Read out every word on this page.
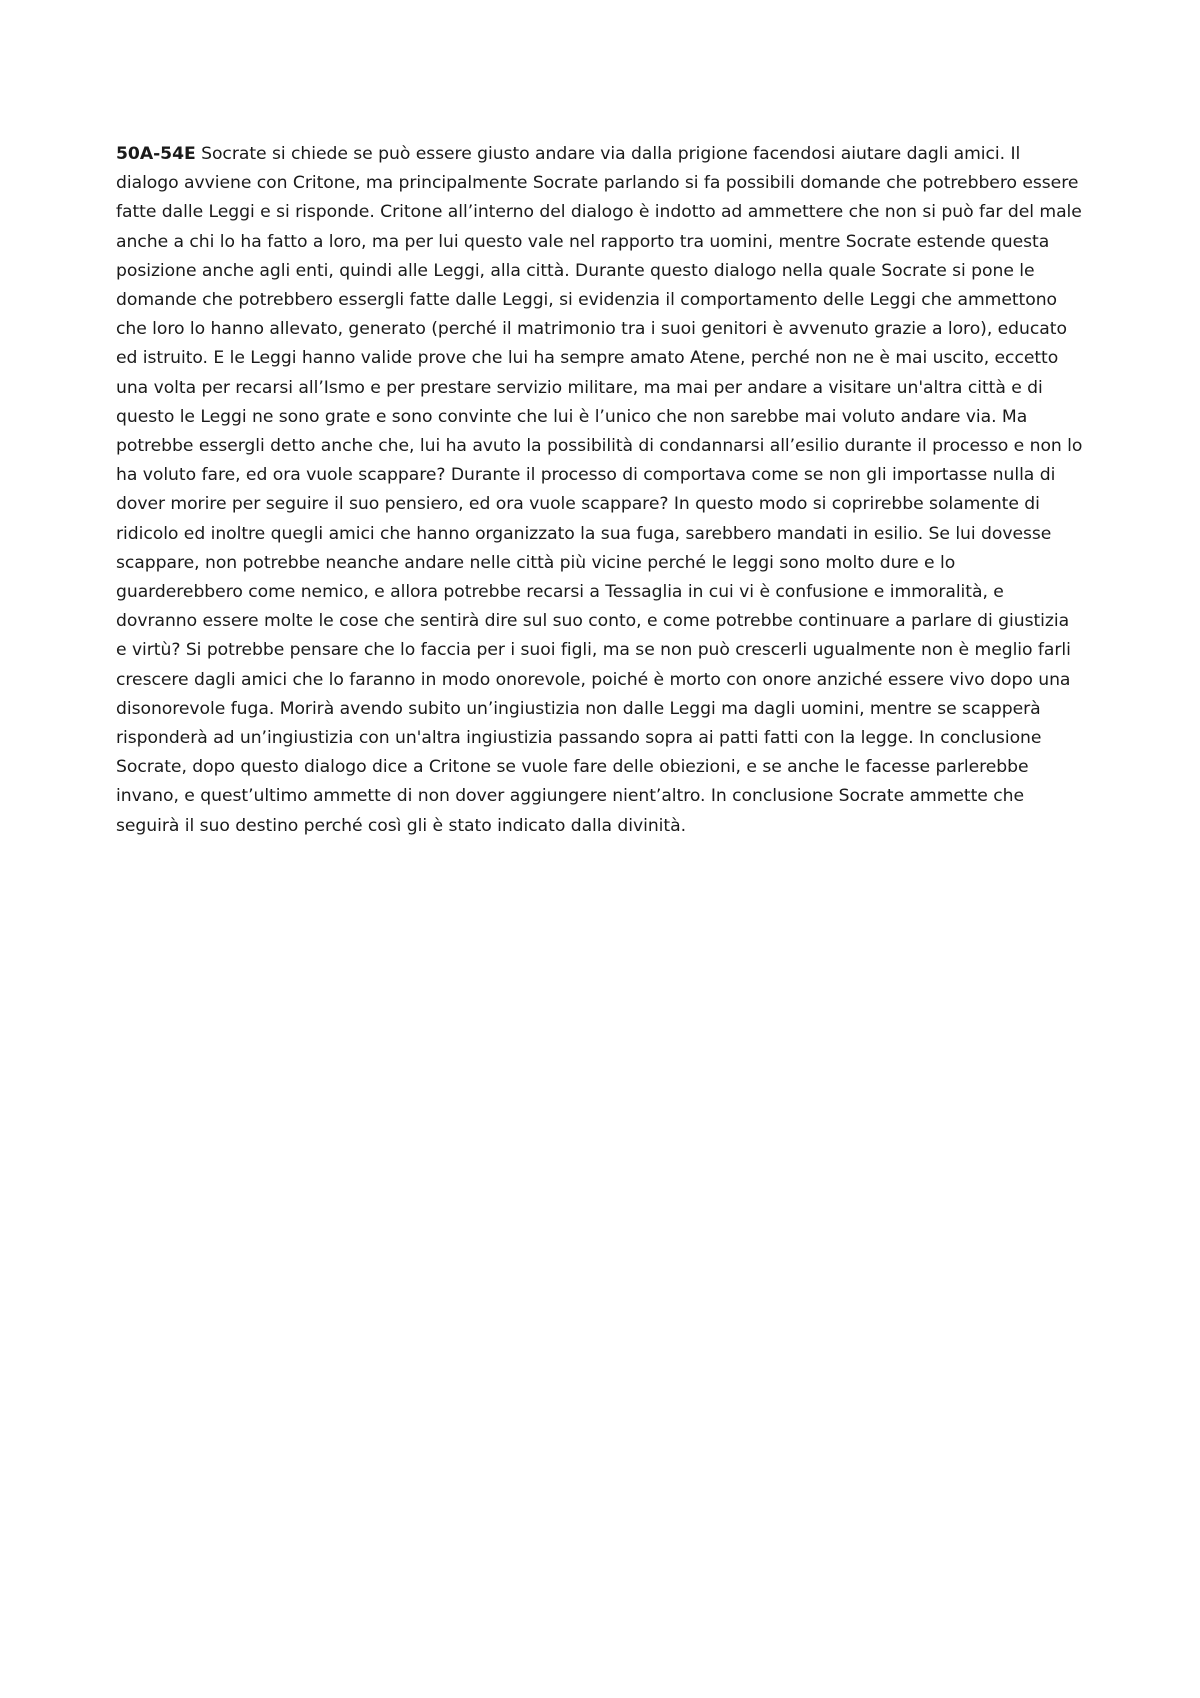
50A-54E Socrate si chiede se può essere giusto andare via dalla prigione facendosi aiutare dagli amici. Il dialogo avviene con Critone, ma principalmente Socrate parlando si fa possibili domande che potrebbero essere fatte dalle Leggi e si risponde. Critone all’interno del dialogo è indotto ad ammettere che non si può far del male anche a chi lo ha fatto a loro, ma per lui questo vale nel rapporto tra uomini, mentre Socrate estende questa posizione anche agli enti, quindi alle Leggi, alla città. Durante questo dialogo nella quale Socrate si pone le domande che potrebbero essergli fatte dalle Leggi, si evidenzia il comportamento delle Leggi che ammettono che loro lo hanno allevato, generato (perché il matrimonio tra i suoi genitori è avvenuto grazie a loro), educato ed istruito. E le Leggi hanno valide prove che lui ha sempre amato Atene, perché non ne è mai uscito, eccetto una volta per recarsi all’Ismo e per prestare servizio militare, ma mai per andare a visitare un'altra città e di questo le Leggi ne sono grate e sono convinte che lui è l’unico che non sarebbe mai voluto andare via. Ma potrebbe essergli detto anche che, lui ha avuto la possibilità di condannarsi all’esilio durante il processo e non lo ha voluto fare, ed ora vuole scappare? Durante il processo di comportava come se non gli importasse nulla di dover morire per seguire il suo pensiero, ed ora vuole scappare? In questo modo si coprirebbe solamente di ridicolo ed inoltre quegli amici che hanno organizzato la sua fuga, sarebbero mandati in esilio. Se lui dovesse scappare, non potrebbe neanche andare nelle città più vicine perché le leggi sono molto dure e lo guarderebbero come nemico, e allora potrebbe recarsi a Tessaglia in cui vi è confusione e immoralità, e dovranno essere molte le cose che sentirà dire sul suo conto, e come potrebbe continuare a parlare di giustizia e virtù? Si potrebbe pensare che lo faccia per i suoi figli, ma se non può crescerli ugualmente non è meglio farli crescere dagli amici che lo faranno in modo onorevole, poiché è morto con onore anziché essere vivo dopo una disonorevole fuga. Morirà avendo subito un’ingiustizia non dalle Leggi ma dagli uomini, mentre se scapperà risponderà ad un’ingiustizia con un'altra ingiustizia passando sopra ai patti fatti con la legge. In conclusione Socrate, dopo questo dialogo dice a Critone se vuole fare delle obiezioni, e se anche le facesse parlerebbe invano, e quest’ultimo ammette di non dover aggiungere nient’altro. In conclusione Socrate ammette che seguirà il suo destino perché così gli è stato indicato dalla divinità.
